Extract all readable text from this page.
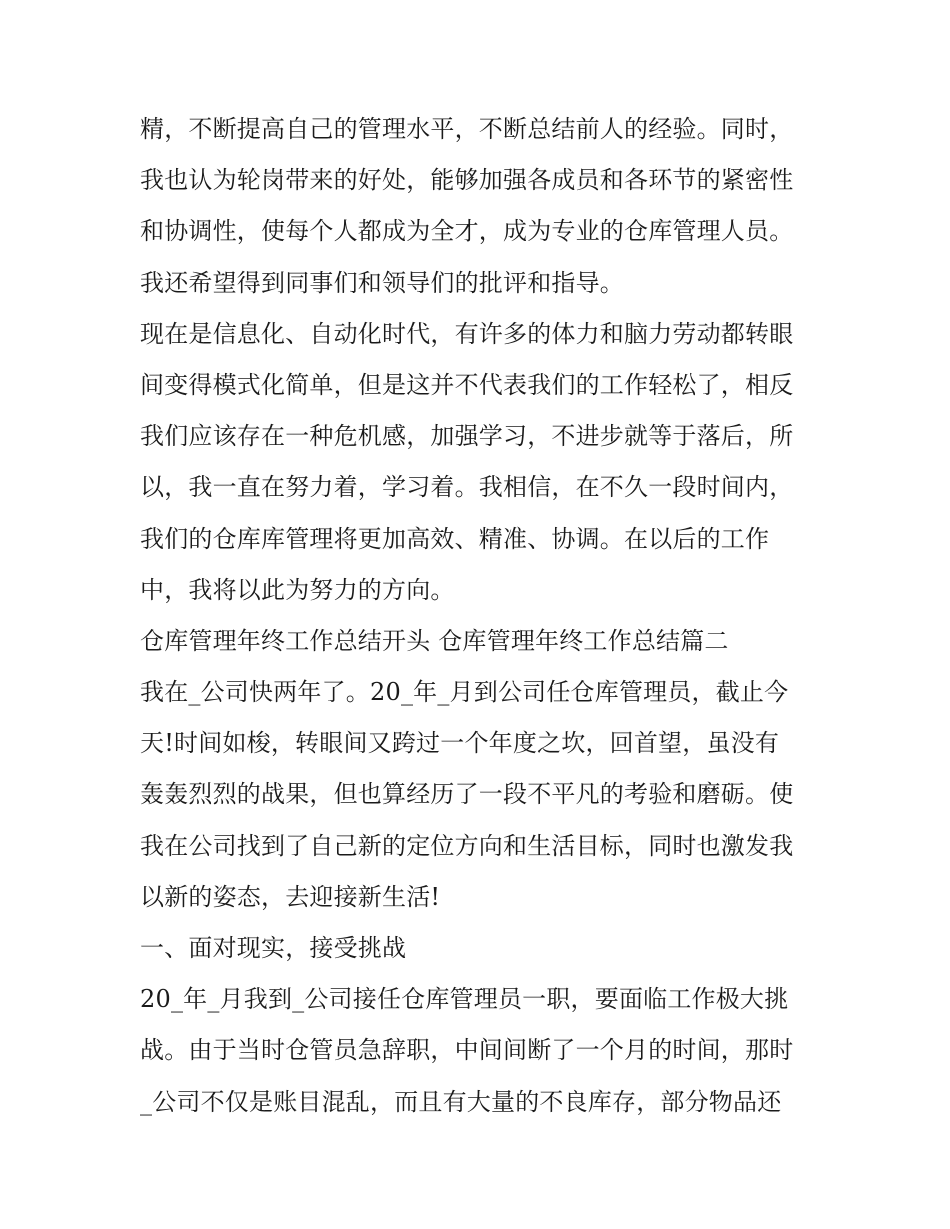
精，不断提高自己的管理水平，不断总结前人的经验。同时，
我也认为轮岗带来的好处，能够加强各成员和各环节的紧密性
和协调性，使每个人都成为全才，成为专业的仓库管理人员。
我还希望得到同事们和领导们的批评和指导。
现在是信息化、自动化时代，有许多的体力和脑力劳动都转眼
间变得模式化简单，但是这并不代表我们的工作轻松了，相反
我们应该存在一种危机感，加强学习，不进步就等于落后，所
以，我一直在努力着，学习着。我相信，在不久一段时间内，
我们的仓库库管理将更加高效、精准、协调。在以后的工作
中，我将以此为努力的方向。
仓库管理年终工作总结开头 仓库管理年终工作总结篇二
我在_公司快两年了。20_年_月到公司任仓库管理员，截止今
天!时间如梭，转眼间又跨过一个年度之坎，回首望，虽没有
轰轰烈烈的战果，但也算经历了一段不平凡的考验和磨砺。使
我在公司找到了自己新的定位方向和生活目标，同时也激发我
以新的姿态，去迎接新生活!
一、面对现实，接受挑战
20_年_月我到_公司接任仓库管理员一职，要面临工作极大挑
战。由于当时仓管员急辞职，中间间断了一个月的时间，那时
_公司不仅是账目混乱，而且有大量的不良库存，部分物品还
